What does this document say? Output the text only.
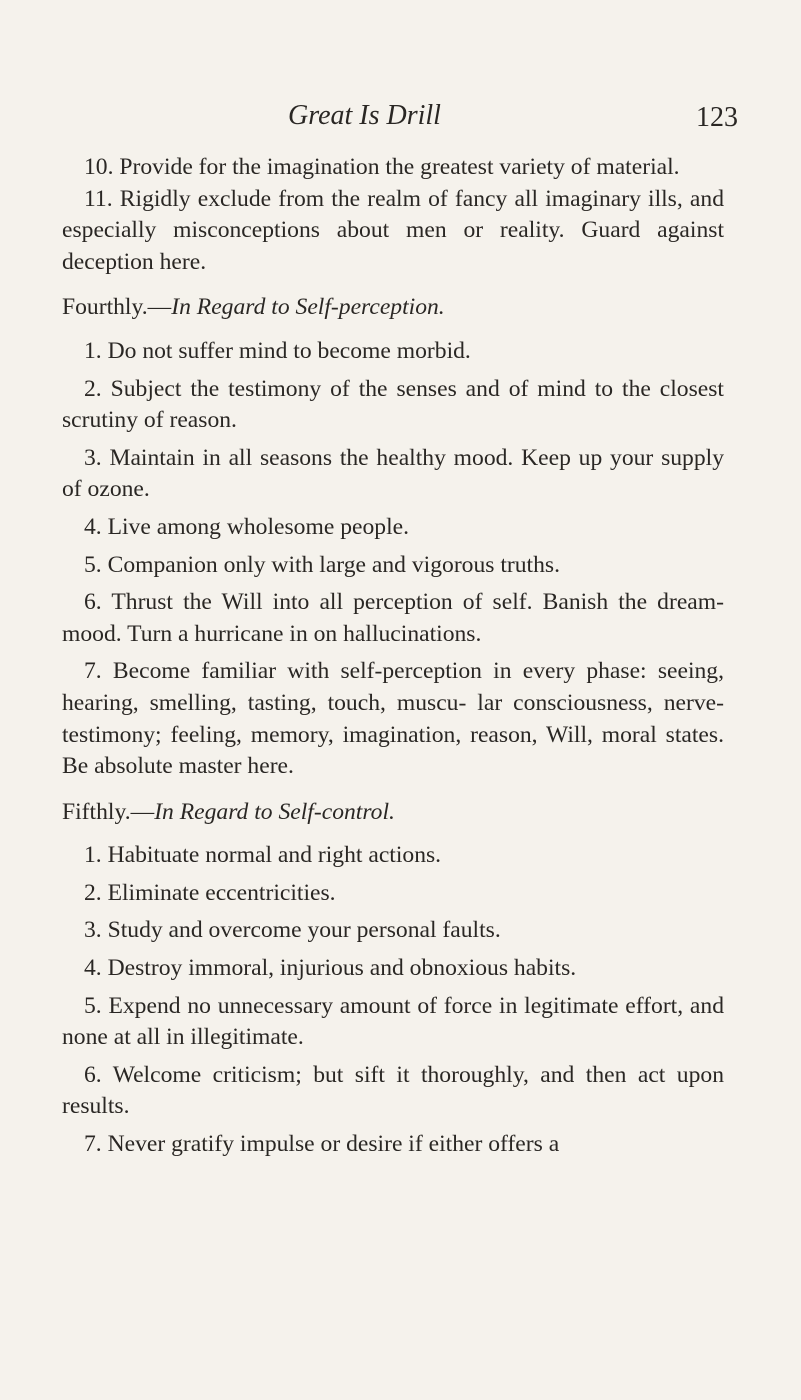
Great Is Drill	123

10. Provide for the imagination the greatest variety of material.

11. Rigidly exclude from the realm of fancy all imaginary ills, and especially misconceptions about men or reality. Guard against deception here.

Fourthly.—In Regard to Self-perception.

1. Do not suffer mind to become morbid.

2. Subject the testimony of the senses and of mind to the closest scrutiny of reason.

3. Maintain in all seasons the healthy mood. Keep up your supply of ozone.

4. Live among wholesome people.

5. Companion only with large and vigorous truths.

6. Thrust the Will into all perception of self. Banish the dream-mood. Turn a hurricane in on hallucinations.

7. Become familiar with self-perception in every phase: seeing, hearing, smelling, tasting, touch, muscu- lar consciousness, nerve-testimony; feeling, memory, imagination, reason, Will, moral states. Be absolute master here.

Fifthly.—In Regard to Self-control.

1. Habituate normal and right actions.

2. Eliminate eccentricities.

3. Study and overcome your personal faults.

4. Destroy immoral, injurious and obnoxious habits.

5. Expend no unnecessary amount of force in legitimate effort, and none at all in illegitimate.

6. Welcome criticism; but sift it thoroughly, and then act upon results.

7. Never gratify impulse or desire if either offers a
